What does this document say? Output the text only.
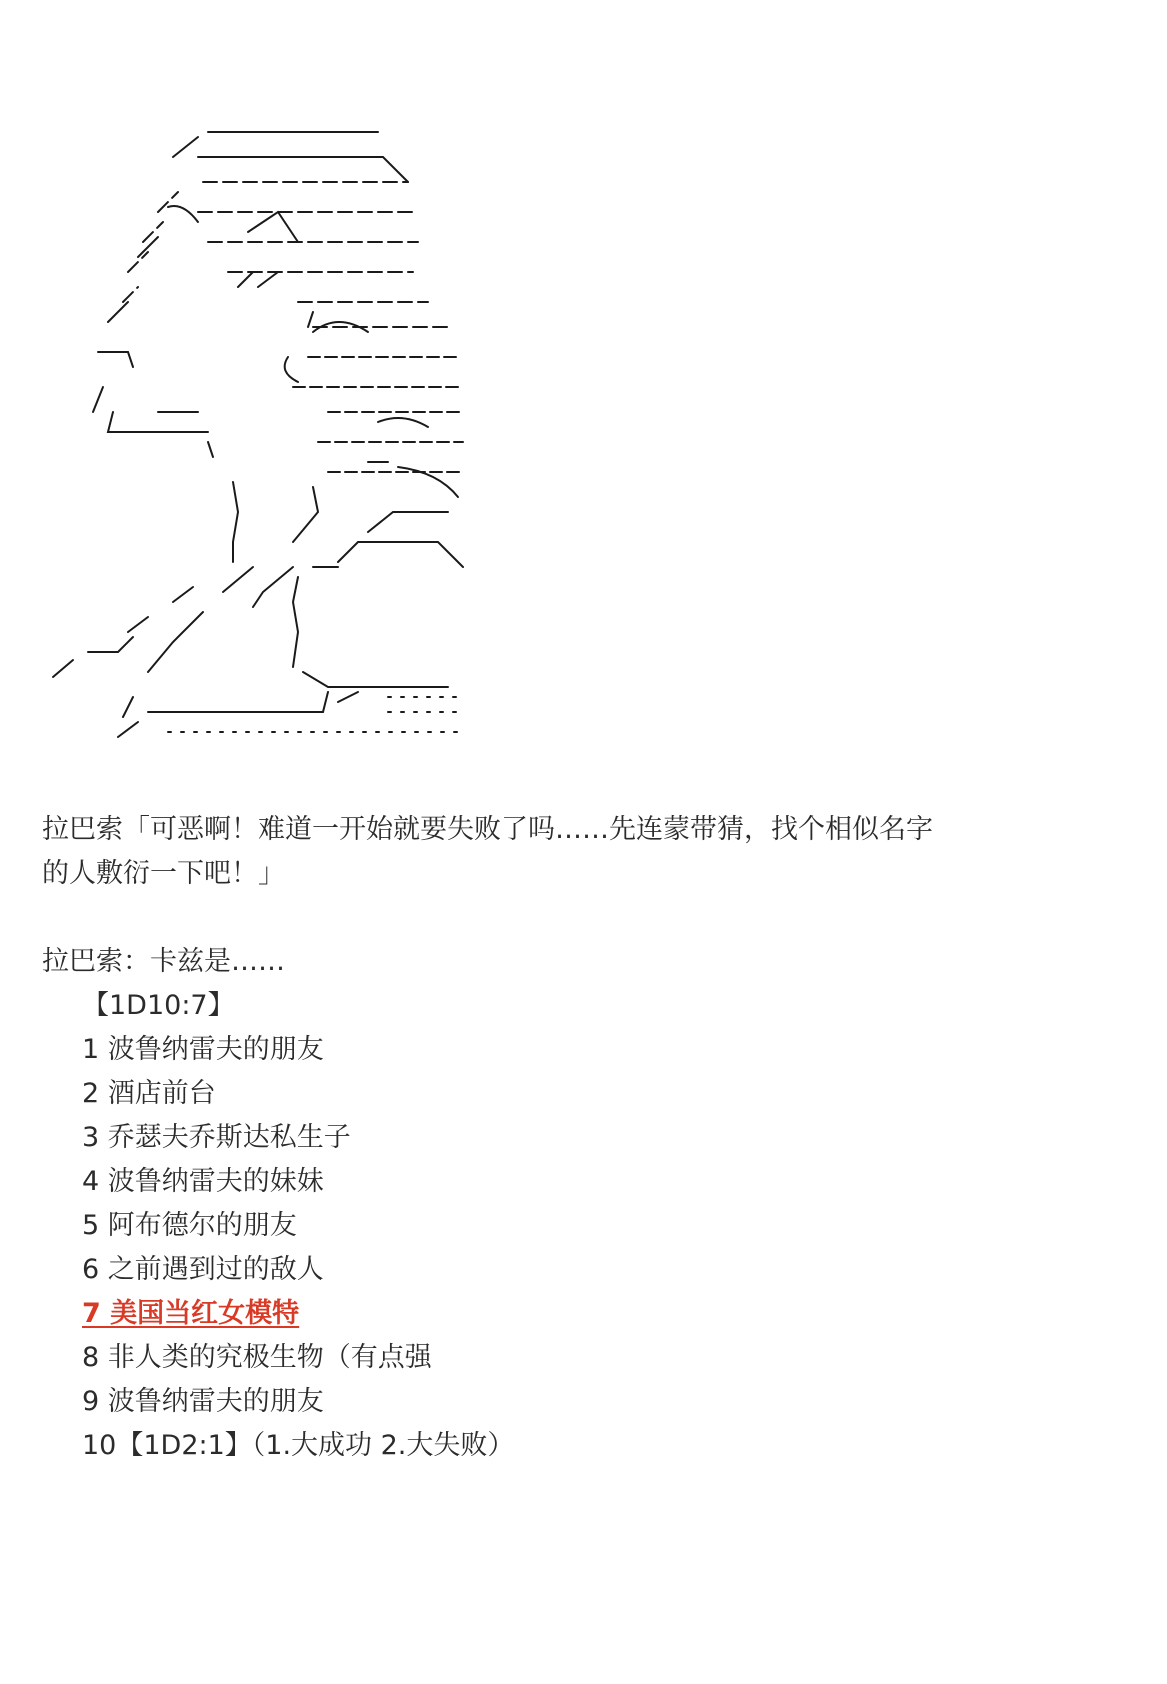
拉巴索「可恶啊！难道一开始就要失败了吗……先连蒙带猜，找个相似名字

的人敷衍一下吧！」

拉巴索：卡兹是……

【1D10:7】

1 波鲁纳雷夫的朋友

2 酒店前台

3 乔瑟夫乔斯达私生子

4 波鲁纳雷夫的妹妹

5 阿布德尔的朋友

6 之前遇到过的敌人

7 美国当红女模特

8 非人类的究极生物（有点强

9 波鲁纳雷夫的朋友

10【1D2:1】（1.大成功 2.大失败）
